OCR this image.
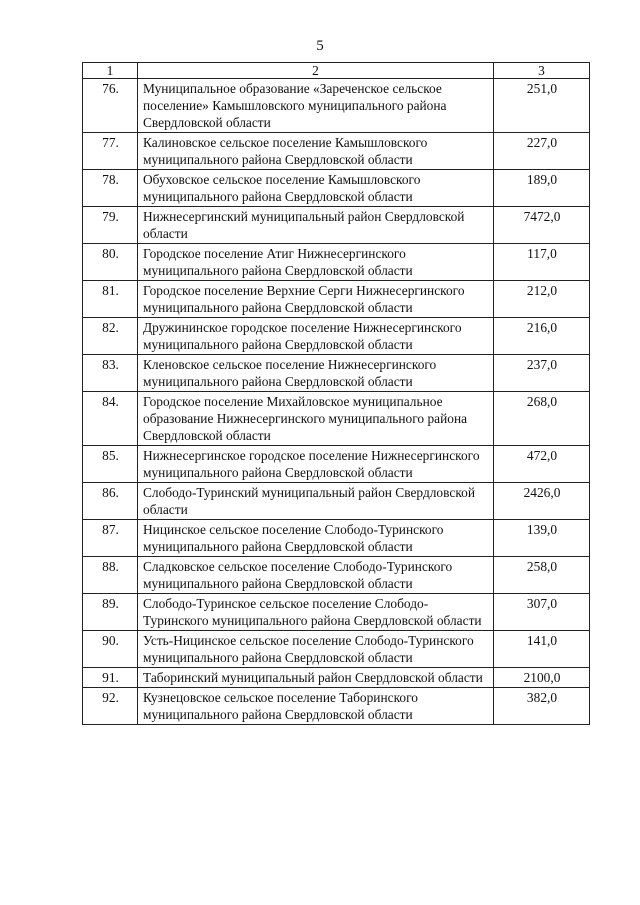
5
1	2	3
76.	Муниципальное образование «Зареченское сельское поселение» Камышловского муниципального района Свердловской области	251,0
77.	Калиновское сельское поселение Камышловского муниципального района Свердловской области	227,0
78.	Обуховское сельское поселение Камышловского муниципального района Свердловской области	189,0
79.	Нижнесергинский муниципальный район Свердловской области	7472,0
80.	Городское поселение Атиг Нижнесергинского муниципального района Свердловской области	117,0
81.	Городское поселение Верхние Серги Нижнесергинского муниципального района Свердловской области	212,0
82.	Дружининское городское поселение Нижнесергинского муниципального района Свердловской области	216,0
83.	Кленовское сельское поселение Нижнесергинского муниципального района Свердловской области	237,0
84.	Городское поселение Михайловское муниципальное образование Нижнесергинского муниципального района Свердловской области	268,0
85.	Нижнесергинское городское поселение Нижнесергинского муниципального района Свердловской области	472,0
86.	Слободо-Туринский муниципальный район Свердловской области	2426,0
87.	Ницинское сельское поселение Слободо-Туринского муниципального района Свердловской области	139,0
88.	Сладковское сельское поселение Слободо-Туринского муниципального района Свердловской области	258,0
89.	Слободо-Туринское сельское поселение Слободо-Туринского муниципального района Свердловской области	307,0
90.	Усть-Ницинское сельское поселение Слободо-Туринского муниципального района Свердловской области	141,0
91.	Таборинский муниципальный район Свердловской области	2100,0
92.	Кузнецовское сельское поселение Таборинского муниципального района Свердловской области	382,0
